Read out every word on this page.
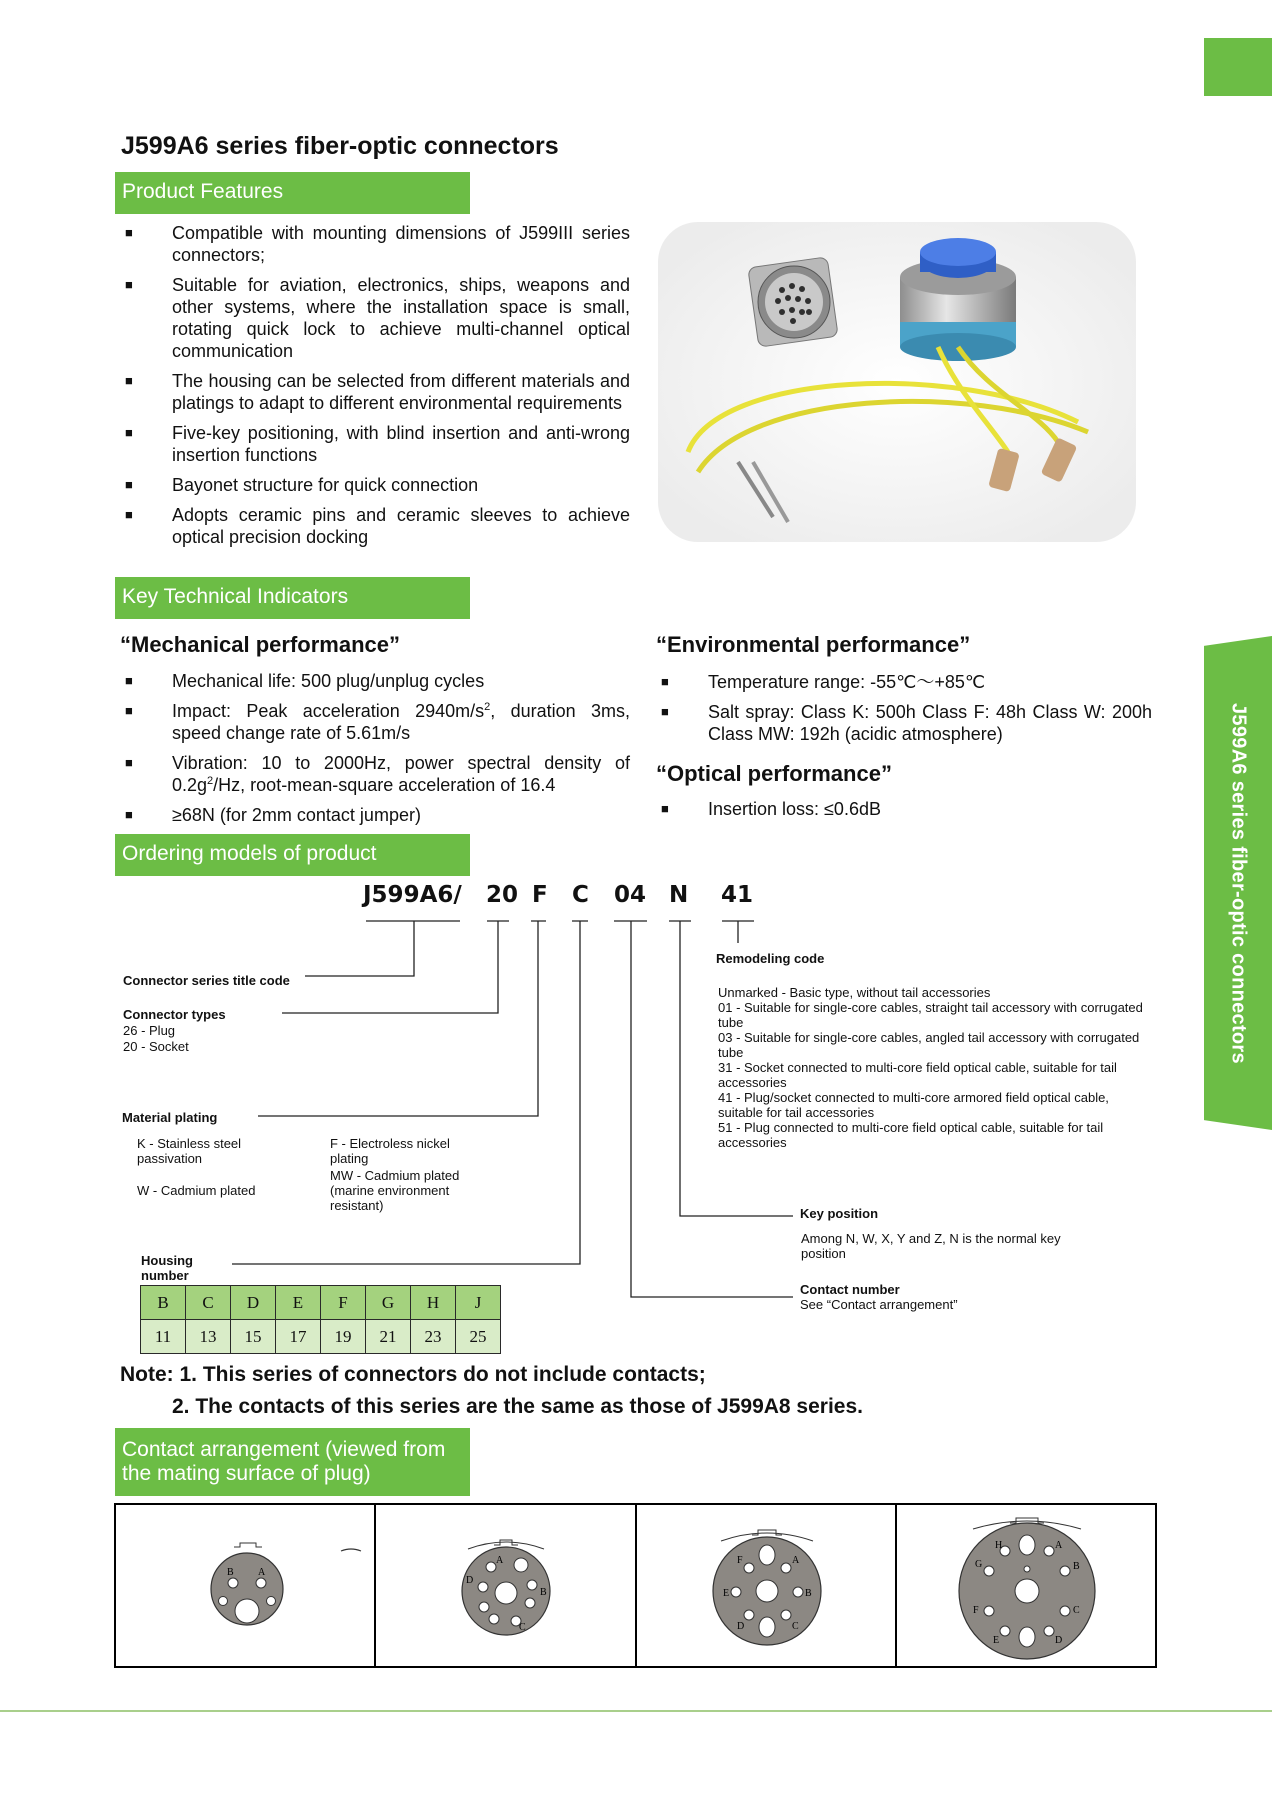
J599A6 series fiber-optic connectors
J599A6 series fiber-optic connectors
Product Features
■ Compatible with mounting dimensions of J599III series connectors;
■ Suitable for aviation, electronics, ships, weapons and other systems, where the installation space is small, rotating quick lock to achieve multi-channel optical communication
■ The housing can be selected from different materials and platings to adapt to different environmental requirements
■ Five-key positioning, with blind insertion and anti-wrong insertion functions
■ Bayonet structure for quick connection
■ Adopts ceramic pins and ceramic sleeves to achieve optical precision docking
Key Technical Indicators
“Mechanical performance”
■ Mechanical life: 500 plug/unplug cycles
■ Impact: Peak acceleration $2940m/s^2$, duration 3ms, speed change rate of 5.61m/s
■ Vibration: 10 to 2000Hz, power spectral density of $0.2g^2/Hz$, root-mean-square acceleration of 16.4
■ ≥68N (for 2mm contact jumper)
“Environmental performance”
■ Temperature range: -55℃～+85℃
■ Salt spray: Class K: 500h Class F: 48h Class W: 200h Class MW: 192h (acidic atmosphere)
“Optical performance”
■ Insertion loss: ≤0.6dB
Ordering models of product
J599A6/ 20 F C 04 N 41
Remodeling code
Unmarked - Basic type, without tail accessories
01 - Suitable for single-core cables, straight tail accessory with corrugated tube
03 - Suitable for single-core cables, angled tail accessory with corrugated tube
31 - Socket connected to multi-core field optical cable, suitable for tail accessories
41 - Plug/socket connected to multi-core armored field optical cable, suitable for tail accessories
51 - Plug connected to multi-core field optical cable, suitable for tail accessories
Connector series title code
Connector types
26 - Plug
20 - Socket
Material plating
K - Stainless steel passivation
F - Electroless nickel plating
MW - Cadmium plated (marine environment resistant)
W - Cadmium plated
Housing number
B	C	D	E	F	G	H	J
11	13	15	17	19	21	23	25
Key position
Among N, W, X, Y and Z, N is the normal key position
Contact number
See “Contact arrangement”
Note: 1. This series of connectors do not include contacts;
2. The contacts of this series are the same as those of J599A8 series.
Contact arrangement (viewed from the mating surface of plug)
B A
A
D
B
C
F	A
E	B
D	C
H	A
G	B
F	C
E	D
